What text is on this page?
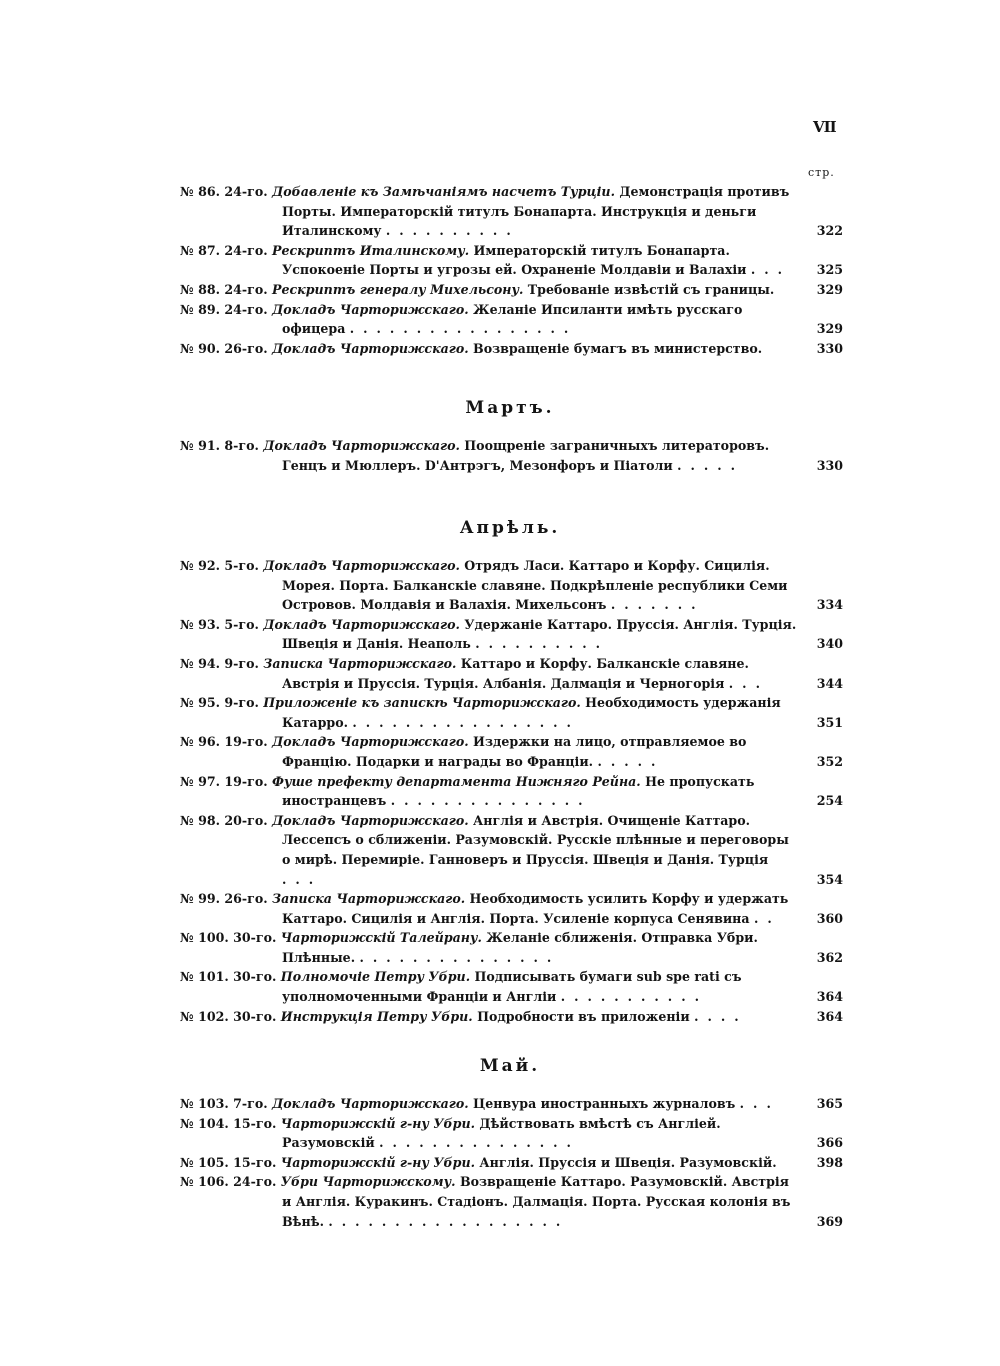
VII
стр.
№ 86. 24-го. Добавленіе къ Замѣчаніямъ насчетъ Турціи. Демонстрація противъ Порты. Императорскій титулъ Бонапарта. Инструкція и деньги Италинскому ..........	322
№ 87. 24-го. Рескриптъ Италинскому. Императорскій титулъ Бонапарта. Успокоеніе Порты и угрозы ей. Охраненіе Молдавіи и Валахіи ... 325
№ 88. 24-го. Рескриптъ генералу Михельсону. Требованіе извѣстій съ границы.	329
№ 89. 24-го. Докладъ Чарторижскаго. Желаніе Ипсиланти имѣть русскаго офицера .................	329
№ 90. 26-го. Докладъ Чарторижскаго. Возвращеніе бумагъ въ министерство.	330
Мартъ.
№ 91. 8-го. Докладъ Чарторижскаго. Поощреніе заграничныхъ литераторовъ. Генцъ и Мюллеръ. D'Антрэгъ, Мезонфоръ и Піатоли .....	330
Апрѣль.
№ 92. 5-го. Докладъ Чарторижскаго. Отрядъ Ласи. Каттаро и Корфу. Сицилія. Морея. Порта. Балканскіе славяне. Подкрѣпленіе республики Семи Островов. Молдавія и Валахія. Михельсонъ .......	334
№ 93. 5-го. Докладъ Чарторижскаго. Удержаніе Каттаро. Пруссія. Англія. Турція. Швеція и Данія. Неаполь ..........	340
№ 94. 9-го. Записка Чарторижскаго. Каттаро и Корфу. Балканскіе славяне. Австрія и Пруссія. Турція. Албанія. Далмація и Черногорія ...	344
№ 95. 9-го. Приложеніе къ запискѣ Чарторижскаго. Необходимость удержанія Катарро. .................	351
№ 96. 19-го. Докладъ Чарторижскаго. Издержки на лицо, отправляемое во Францію. Подарки и награды во Франціи. .....	352
№ 97. 19-го. Фуше префекту департамента Нижняго Рейна. Не пропускать иностранцевъ ...............	254
№ 98. 20-го. Докладъ Чарторижскаго. Англія и Австрія. Очищеніе Каттаро. Лессепсъ о сближеніи. Разумовскій. Русскіе плѣнные и переговоры о мирѣ. Перемиріе. Ганноверъ и Пруссія. Швеція и Данія. Турція ...	354
№ 99. 26-го. Записка Чарторижскаго. Необходимость усилить Корфу и удержать Каттаро. Сицилія и Англія. Порта. Усиленіе корпуса Сенявина ..	360
№ 100. 30-го. Чарторижскій Талейрану. Желаніе сближенія. Отправка Убри. Плѣнные. ...............	362
№ 101. 30-го. Полномочіе Петру Убри. Подписывать бумаги sub spe rati съ уполномоченными Франціи и Англіи ...........	364
№ 102. 30-го. Инструкція Петру Убри. Подробности въ приложеніи ....	364
Май.
№ 103. 7-го. Докладъ Чарторижскаго. Ценвура иностранныхъ журналовъ ...	365
№ 104. 15-го. Чарторижскій г-ну Убри. Дѣйствовать вмѣстѣ съ Англіей. Разумовскій ...............	366
№ 105. 15-го. Чарторижскій г-ну Убри. Англія. Пруссія и Швеція. Разумовскій.	398
№ 106. 24-го. Убри Чарторижскому. Возвращеніе Каттаро. Разумовскій. Австрія и Англія. Куракинъ. Стадіонъ. Далмація. Порта. Русская колонія въ Вѣнѣ. ..................	369
